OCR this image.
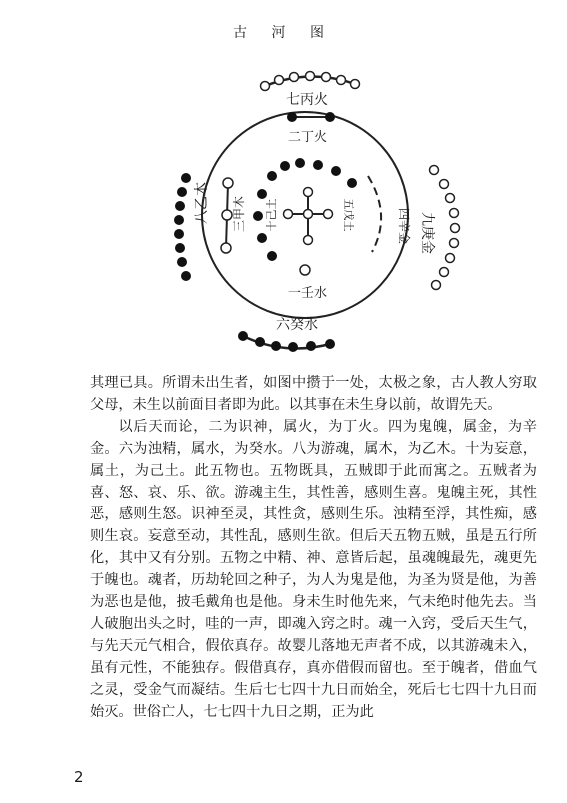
古 河 图
七丙火
二丁火
一壬水
六癸水
八乙木 三甲木 十己土	五戊土	四辛金 九庚金

其理已具。所谓未出生者，如图中攒于一处，太极之象，古人教人穷取父母，未生以前面目者即为此。以其事在未生身以前，故谓先天。

以后天而论，二为识神，属火，为丁火。四为鬼魄，属金，为辛金。六为浊精，属水，为癸水。八为游魂，属木，为乙木。十为妄意，属土，为己土。此五物也。五物既具，五贼即于此而寓之。五贼者为喜、怒、哀、乐、欲。游魂主生，其性善，感则生喜。鬼魄主死，其性恶，感则生怒。识神至灵，其性贪，感则生乐。浊精至浮，其性痴，感则生哀。妄意至动，其性乱，感则生欲。但后天五物五贼，虽是五行所化，其中又有分别。五物之中精、神、意皆后起，虽魂魄最先，魂更先于魄也。魂者，历劫轮回之种子，为人为鬼是他，为圣为贤是他，为善为恶也是他，披毛戴角也是他。身未生时他先来，气未绝时他先去。当人破胞出头之时，哇的一声，即魂入窍之时。魂一入窍，受后天生气，与先天元气相合，假依真存。故婴儿落地无声者不成，以其游魂未入，虽有元性，不能独存。假借真存，真亦借假而留也。至于魄者，借血气之灵，受金气而凝结。生后七七四十九日而始全，死后七七四十九日而始灭。世俗亡人，七七四十九日之期，正为此

2
